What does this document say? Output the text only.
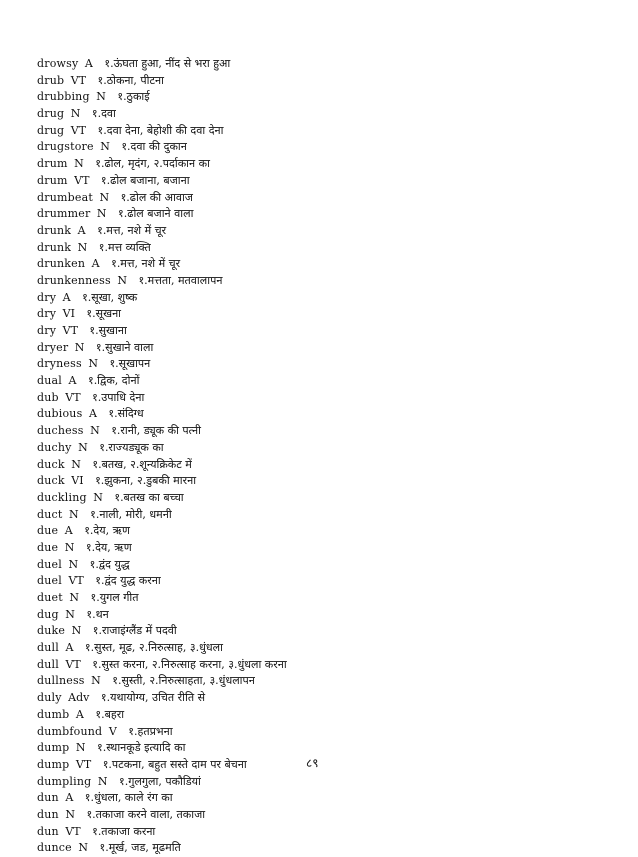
drowsy A १.ऊंघता हुआ, नींद से भरा हुआ
drub VT १.ठोकना, पीटना
drubbing N १.ठुकाई
drug N १.दवा
drug VT १.दवा देना, बेहोशी की दवा देना
drugstore N १.दवा की दुकान
drum N १.ढोल, मृदंग, २.पर्दाकान का
drum VT १.ढोल बजाना, बजाना
drumbeat N १.ढोल की आवाज
drummer N १.ढोल बजाने वाला
drunk A १.मत्त, नशे में चूर
drunk N १.मत्त व्यक्ति
drunken A १.मत्त, नशे में चूर
drunkenness N १.मत्तता, मतवालापन
dry A १.सूखा, शुष्क
dry VI १.सूखना
dry VT १.सुखाना
dryer N १.सुखाने वाला
dryness N १.सूखापन
dual A १.द्विक, दोनों
dub VT १.उपाधि देना
dubious A १.संदिग्ध
duchess N १.रानी, ड्यूक की पत्नी
duchy N १.राज्यड्यूक का
duck N १.बतख, २.शून्यक्रिकेट में
duck VI १.झुकना, २.डुबकी मारना
duckling N १.बतख का बच्चा
duct N १.नाली, मोरी, धमनी
due A १.देय, ऋण
due N १.देय, ऋण
duel N १.द्वंद युद्ध
duel VT १.द्वंद युद्ध करना
duet N १.युगल गीत
dug N १.थन
duke N १.राजाइंग्लैंड में पदवी
dull A १.सुस्त, मूढ, २.निरुत्साह, ३.धुंधला
dull VT १.सुस्त करना, २.निरुत्साह करना, ३.धुंधला करना
dullness N १.सुस्ती, २.निरुत्साहता, ३.धुंधलापन
duly Adv १.यथायोग्य, उचित रीति से
dumb A १.बहरा
dumbfound V १.हतप्रभना
dump N १.स्थानकूडे इत्यादि का
dump VT १.पटकना, बहुत सस्ते दाम पर बेचना
dumpling N १.गुलगुला, पकौडियां
dun A १.धुंधला, काले रंग का
dun N १.तकाजा करने वाला, तकाजा
dun VT १.तकाजा करना
dunce N १.मूर्ख, जड, मूढमति
८९
